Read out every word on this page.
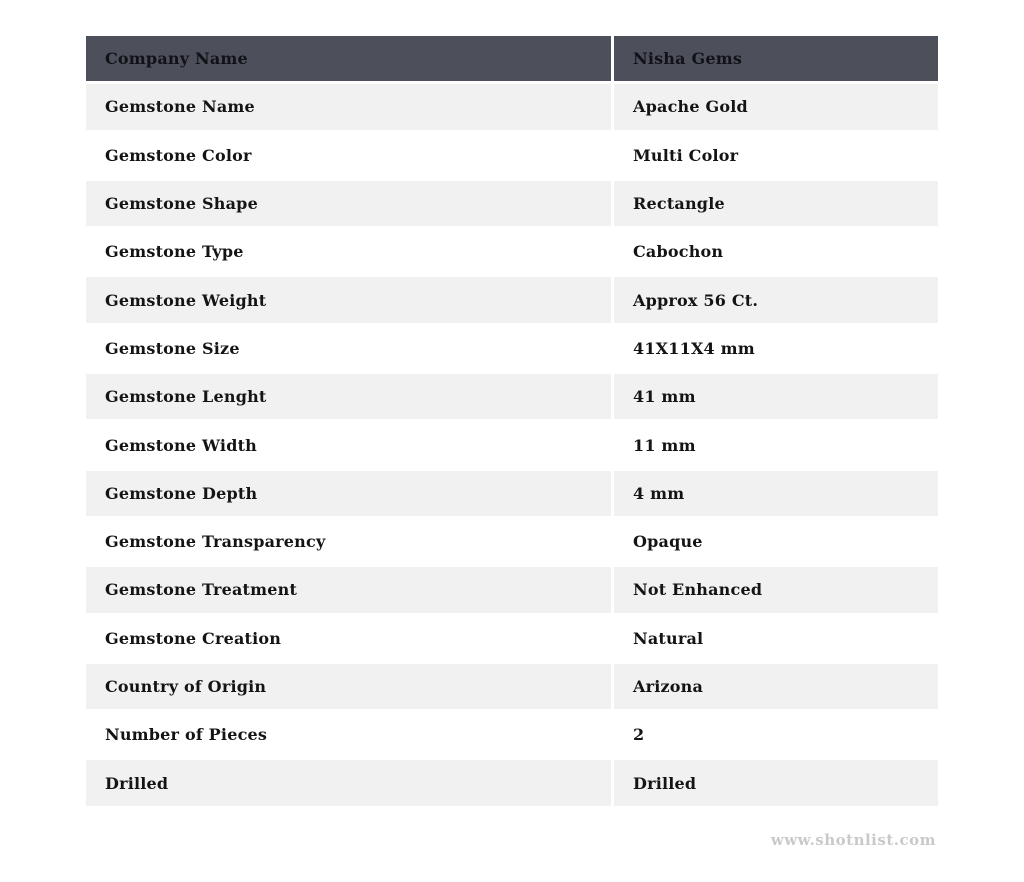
Company Name	Nisha Gems
Gemstone Name	Apache Gold
Gemstone Color	Multi Color
Gemstone Shape	Rectangle
Gemstone Type	Cabochon
Gemstone Weight	Approx 56 Ct.
Gemstone Size	41X11X4 mm
Gemstone Lenght	41 mm
Gemstone Width	11 mm
Gemstone Depth	4 mm
Gemstone Transparency	Opaque
Gemstone Treatment	Not Enhanced
Gemstone Creation	Natural
Country of Origin	Arizona
Number of Pieces	2
Drilled	Drilled
www.shotnlist.com
